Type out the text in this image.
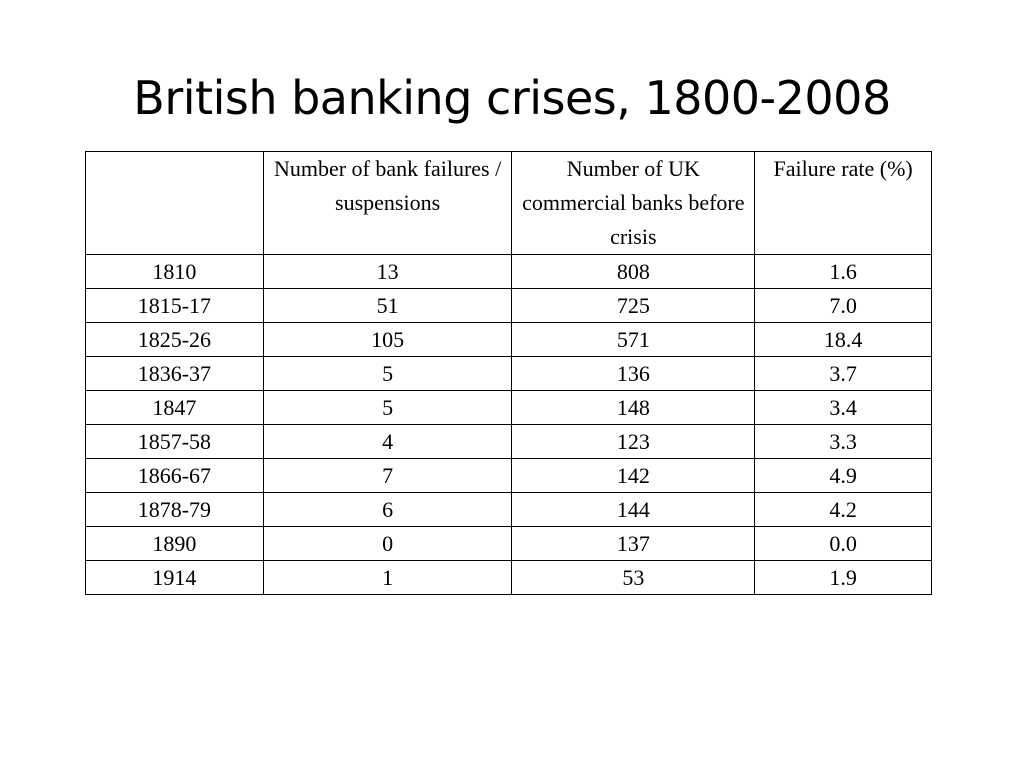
British banking crises, 1800-2008
	Number of bank failures / suspensions	Number of UK commercial banks before crisis	Failure rate (%)
1810	13	808	1.6
1815-17	51	725	7.0
1825-26	105	571	18.4
1836-37	5	136	3.7
1847	5	148	3.4
1857-58	4	123	3.3
1866-67	7	142	4.9
1878-79	6	144	4.2
1890	0	137	0.0
1914	1	53	1.9
